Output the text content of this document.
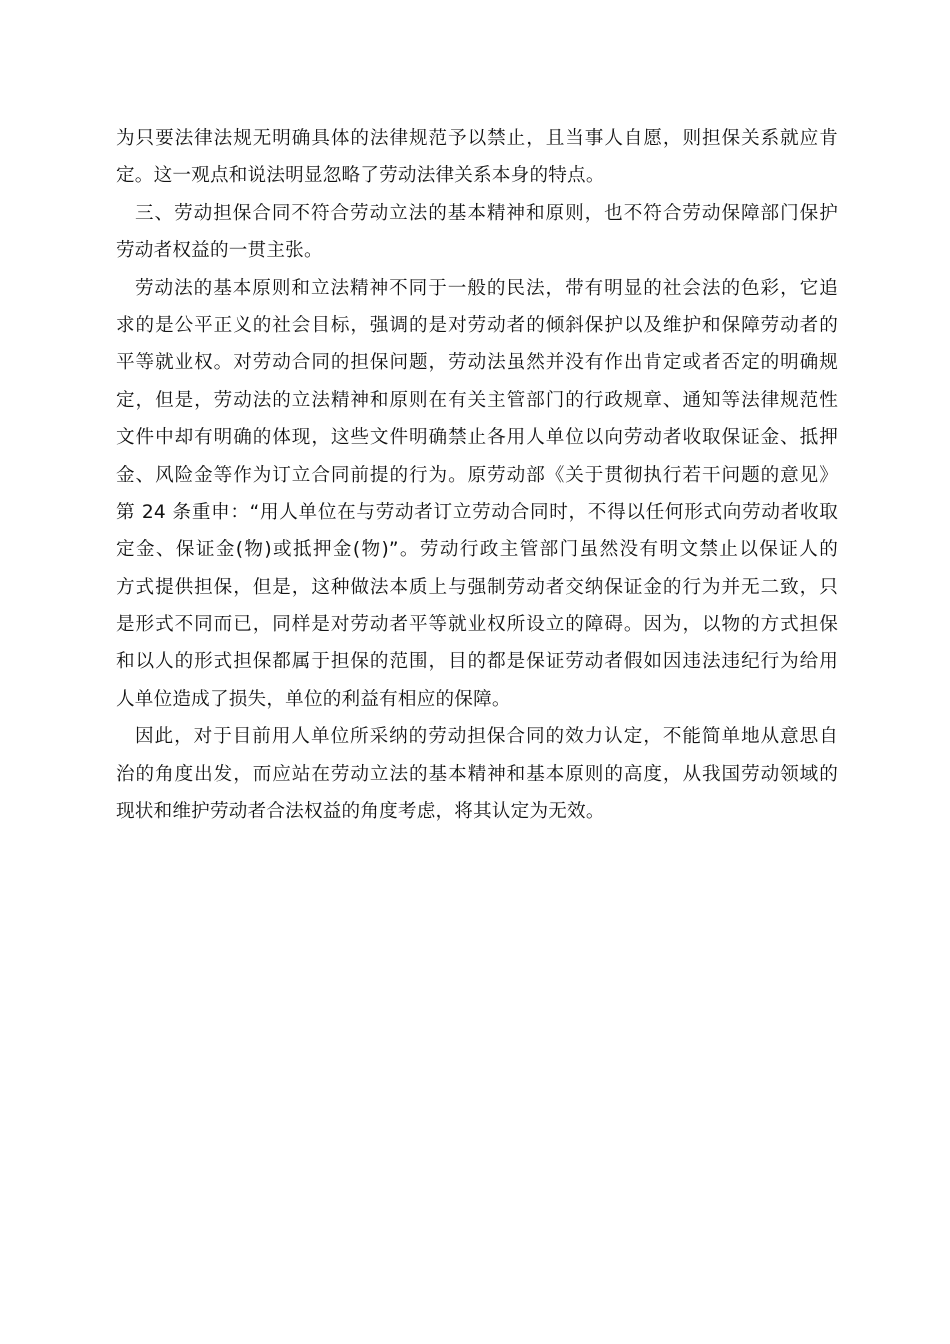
为只要法律法规无明确具体的法律规范予以禁止，且当事人自愿，则担保关系就应肯
定。这一观点和说法明显忽略了劳动法律关系本身的特点。
三、劳动担保合同不符合劳动立法的基本精神和原则，也不符合劳动保障部门保护
劳动者权益的一贯主张。
劳动法的基本原则和立法精神不同于一般的民法，带有明显的社会法的色彩，它追
求的是公平正义的社会目标，强调的是对劳动者的倾斜保护以及维护和保障劳动者的
平等就业权。对劳动合同的担保问题，劳动法虽然并没有作出肯定或者否定的明确规
定，但是，劳动法的立法精神和原则在有关主管部门的行政规章、通知等法律规范性
文件中却有明确的体现，这些文件明确禁止各用人单位以向劳动者收取保证金、抵押
金、风险金等作为订立合同前提的行为。原劳动部《关于贯彻执行若干问题的意见》
第 24 条重申：“用人单位在与劳动者订立劳动合同时，不得以任何形式向劳动者收取
定金、保证金(物)或抵押金(物)”。劳动行政主管部门虽然没有明文禁止以保证人的
方式提供担保，但是，这种做法本质上与强制劳动者交纳保证金的行为并无二致，只
是形式不同而已，同样是对劳动者平等就业权所设立的障碍。因为，以物的方式担保
和以人的形式担保都属于担保的范围，目的都是保证劳动者假如因违法违纪行为给用
人单位造成了损失，单位的利益有相应的保障。
因此，对于目前用人单位所采纳的劳动担保合同的效力认定，不能简单地从意思自
治的角度出发，而应站在劳动立法的基本精神和基本原则的高度，从我国劳动领域的
现状和维护劳动者合法权益的角度考虑，将其认定为无效。
